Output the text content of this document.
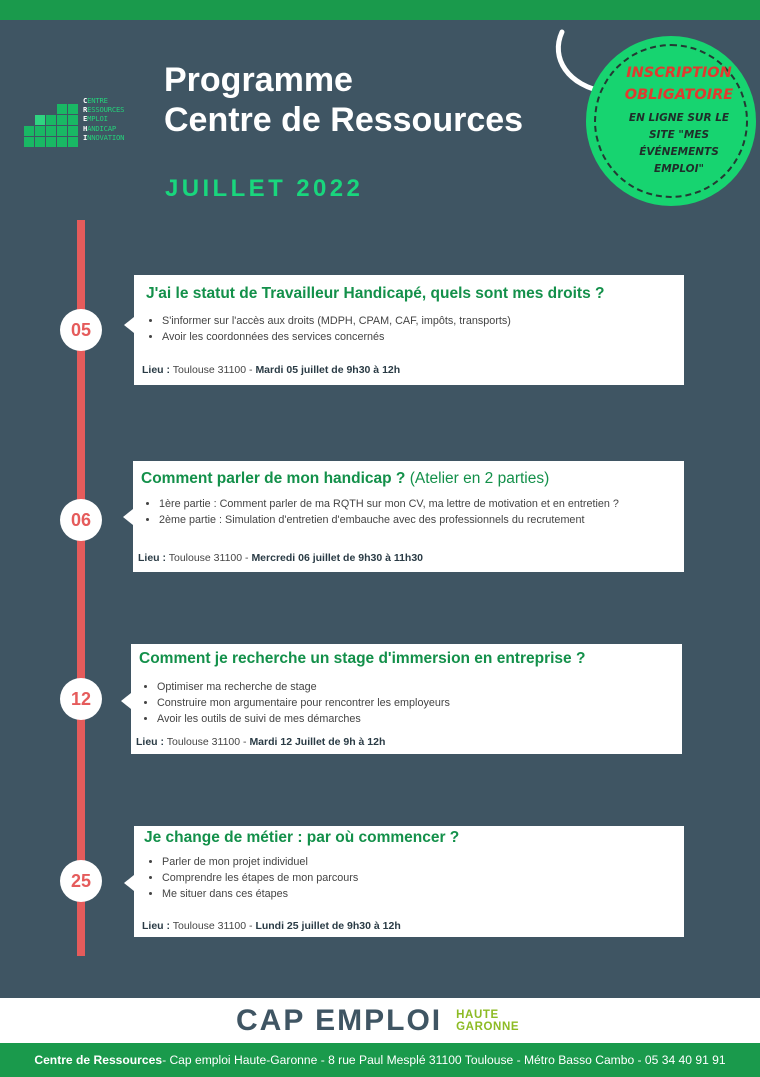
CENTRE
RESSOURCES
EMPLOI
HANDICAP
INNOVATION
Programme
Centre de Ressources
JUILLET 2022
INSCRIPTION
OBLIGATOIRE
EN LIGNE SUR LE SITE "MES ÉVÉNEMENTS EMPLOI"
05
06
12
25
J'ai le statut de Travailleur Handicapé, quels sont mes droits ?
• S'informer sur l'accès aux droits (MDPH, CPAM, CAF, impôts, transports)
• Avoir les coordonnées des services concernés
Lieu : Toulouse 31100 - Mardi 05 juillet de 9h30 à 12h
Comment parler de mon handicap ? (Atelier en 2 parties)
• 1ère partie : Comment parler de ma RQTH sur mon CV, ma lettre de motivation et en entretien ?
• 2ème partie : Simulation d'entretien d'embauche avec des professionnels du recrutement
Lieu : Toulouse 31100 - Mercredi 06 juillet de 9h30 à 11h30
Comment je recherche un stage d'immersion en entreprise ?
• Optimiser ma recherche de stage
• Construire mon argumentaire pour rencontrer les employeurs
• Avoir les outils de suivi de mes démarches
Lieu : Toulouse 31100 - Mardi 12 Juillet de 9h à 12h
Je change de métier : par où commencer ?
• Parler de mon projet individuel
• Comprendre les étapes de mon parcours
• Me situer dans ces étapes
Lieu : Toulouse 31100 - Lundi 25 juillet de 9h30 à 12h
CAP EMPLOI HAUTE
GARONNE
Centre de Ressources - Cap emploi Haute-Garonne - 8 rue Paul Mesplé 31100 Toulouse - Métro Basso Cambo - 05 34 40 91 91
